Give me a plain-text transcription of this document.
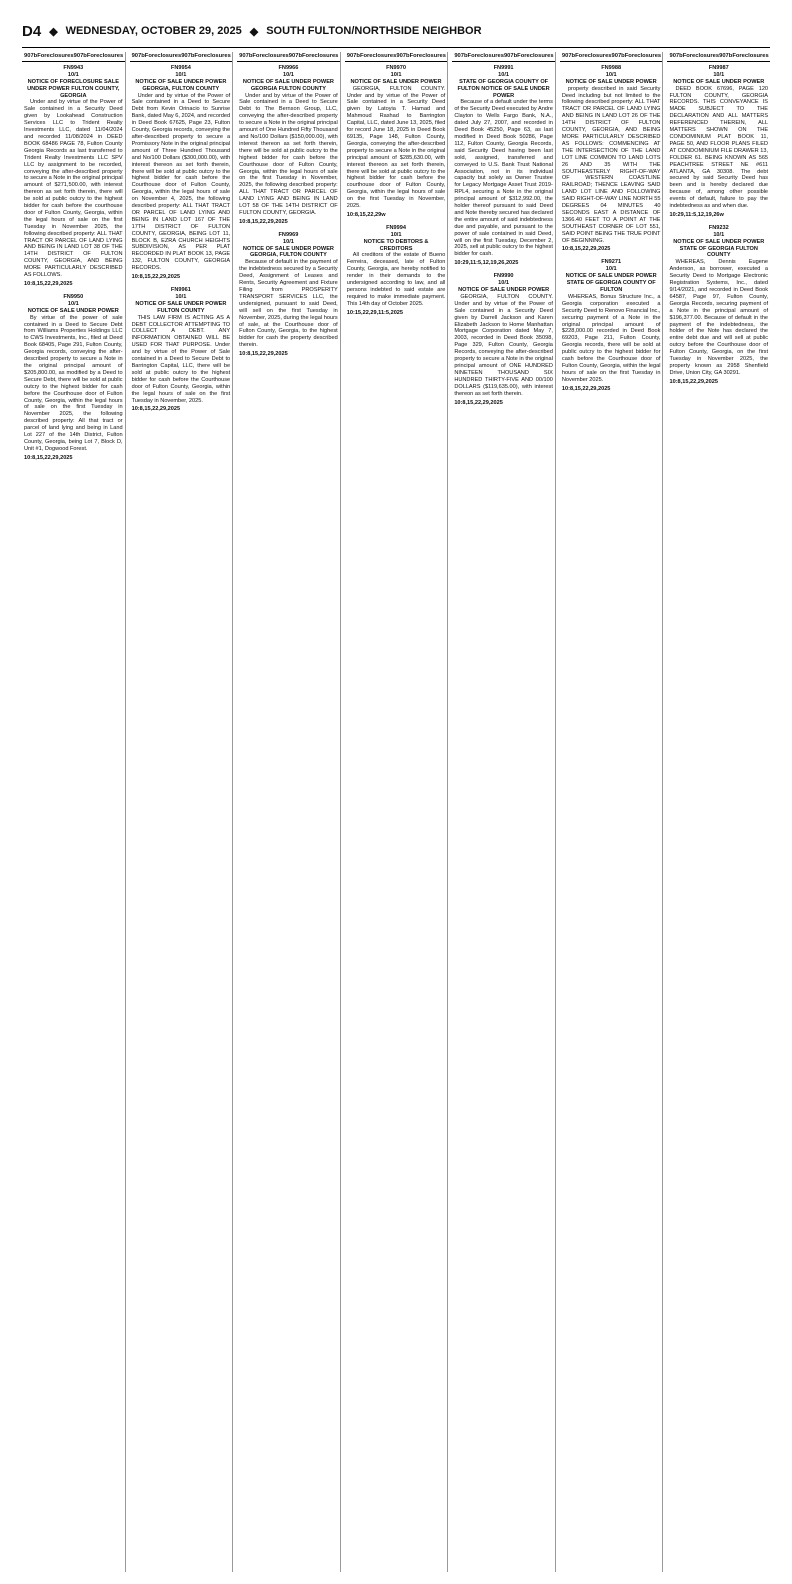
D4 ◆ WEDNESDAY, OCTOBER 29, 2025 ◆ SOUTH FULTON/NORTHSIDE NEIGHBOR
907b Foreclosures 907b Foreclosures
FN9943
10/1
NOTICE OF FORECLOSURE SALE UNDER POWER FULTON COUNTY, GEORGIA

Under and by virtue of the Power of Sale contained in a Security Deed given by Lookahead Construction Services LLC to Trident Realty Investments LLC, dated 11/04/2024 and recorded 11/08/2024 in DEED BOOK 68486 PAGE 78, Fulton County Georgia Records as last transferred to Trident Realty Investments LLC SPV LLC by assignment to be recorded, conveying the after-described property to secure a Note in the original principal amount of $271,500.00, with interest thereon as set forth therein, there will be sold at public outcry to the highest bidder for cash before the courthouse door of Fulton County, Georgia, within the legal hours of sale on the first Tuesday in November 2025, the following described property: ALL THAT TRACT OR PARCEL OF LAND LYING AND BEING IN LAND LOT 38 OF THE 14TH DISTRICT OF FULTON COUNTY, GEORGIA, AND BEING MORE PARTICULARLY DESCRIBED AS FOLLOWS.

10:8,15,22,29,2025
FN9950
10/1
NOTICE OF SALE UNDER POWER

By virtue of the power of sale contained in a Deed to Secure Debt from Williams Properties Holdings LLC to CWS Investments, Inc., filed at Deed Book 68405, Page 291, Fulton County, Georgia records, conveying the after-described property to secure a Note in the original principal amount of $205,800.00, as modified by a Deed to Secure Debt, there will be sold at public outcry to the highest bidder for cash before the Courthouse door of Fulton County, Georgia, within the legal hours of sale on the first Tuesday in November 2025, the following described property: All that tract or parcel of land lying and being in Land Lot 227 of the 14th District, Fulton County, Georgia, being Lot 7, Block D, Unit #1, Dogwood Forest.

10:8,15,22,29,2025
907b Foreclosures 907b Foreclosures
FN9954
10/1
NOTICE OF SALE UNDER POWER GEORGIA, FULTON COUNTY

Under and by virtue of the Power of Sale contained in a Deed to Secure Debt from Kevin Orinacio to Sunrise Bank, dated May 6, 2024, and recorded in Deed Book 67625, Page 23, Fulton County, Georgia records, conveying the after-described property to secure a Promissory Note in the original principal amount of Three Hundred Thousand and No/100 Dollars ($300,000.00), with interest thereon as set forth therein, there will be sold at public outcry to the highest bidder for cash before the Courthouse door of Fulton County, Georgia, within the legal hours of sale on November 4, 2025, the following described property: ALL THAT TRACT OR PARCEL OF LAND LYING AND BEING IN LAND LOT 167 OF THE 17TH DISTRICT OF FULTON COUNTY, GEORGIA, BEING LOT 11, BLOCK B, EZRA CHURCH HEIGHTS SUBDIVISION, AS PER PLAT RECORDED IN PLAT BOOK 13, PAGE 132, FULTON COUNTY, GEORGIA RECORDS.

10:8,15,22,29,2025
FN9961
10/1
NOTICE OF SALE UNDER POWER FULTON COUNTY

THIS LAW FIRM IS ACTING AS A DEBT COLLECTOR ATTEMPTING TO COLLECT A DEBT. ANY INFORMATION OBTAINED WILL BE USED FOR THAT PURPOSE. Under and by virtue of the Power of Sale contained in a Deed to Secure Debt to Barrington Capital, LLC, there will be sold at public outcry to the highest bidder for cash before the Courthouse door of Fulton County, Georgia, within the legal hours of sale on the first Tuesday in November, 2025.

10:8,15,22,29,2025
907b Foreclosures 907b Foreclosures
FN9966
10/1
NOTICE OF SALE UNDER POWER GEORGIA FULTON COUNTY

Under and by virtue of the Power of Sale contained in a Deed to Secure Debt to The Bernson Group, LLC, conveying the after-described property to secure a Note in the original principal amount of One Hundred Fifty Thousand and No/100 Dollars ($150,000.00), with interest thereon as set forth therein, there will be sold at public outcry to the highest bidder for cash before the Courthouse door of Fulton County, Georgia, within the legal hours of sale on the first Tuesday in November, 2025, the following described property: ALL THAT TRACT OR PARCEL OF LAND LYING AND BEING IN LAND LOT 58 OF THE 14TH DISTRICT OF FULTON COUNTY, GEORGIA.

10:8,15,22,29,2025
FN9969
10/1
NOTICE OF SALE UNDER POWER GEORGIA, FULTON COUNTY

Because of default in the payment of the indebtedness secured by a Security Deed, Assignment of Leases and Rents, Security Agreement and Fixture Filing from PROSPERITY TRANSPORT SERVICES LLC, the undersigned, pursuant to said Deed, will sell on the first Tuesday in November, 2025, during the legal hours of sale, at the Courthouse door of Fulton County, Georgia, to the highest bidder for cash the property described therein.

10:8,15,22,29,2025
907b Foreclosures 907b Foreclosures
FN9970
10/1
NOTICE OF SALE UNDER POWER

GEORGIA, FULTON COUNTY. Under and by virtue of the Power of Sale contained in a Security Deed given by Latoyia T. Hamad and Mahmoud Rashad to Barrington Capital, LLC, dated June 13, 2025, filed for record June 18, 2025 in Deed Book 69135, Page 148, Fulton County, Georgia, conveying the after-described property to secure a Note in the original principal amount of $285,630.00, with interest thereon as set forth therein, there will be sold at public outcry to the highest bidder for cash before the courthouse door of Fulton County, Georgia, within the legal hours of sale on the first Tuesday in November, 2025.

10:8,15,22,29w
FN9994
10/1
NOTICE TO DEBTORS & CREDITORS

All creditors of the estate of Bueno Ferreira, deceased, late of Fulton County, Georgia, are hereby notified to render in their demands to the undersigned according to law, and all persons indebted to said estate are required to make immediate payment. This 14th day of October 2025.

10:15,22,29,11:5,2025
907b Foreclosures 907b Foreclosures
FN9991
10/1
STATE OF GEORGIA COUNTY OF FULTON NOTICE OF SALE UNDER POWER

Because of a default under the terms of the Security Deed executed by Andre Clayton to Wells Fargo Bank, N.A., dated July 27, 2007, and recorded in Deed Book 45250, Page 63, as last modified in Deed Book 50286, Page 112, Fulton County, Georgia Records, said Security Deed having been last sold, assigned, transferred and conveyed to U.S. Bank Trust National Association, not in its individual capacity but solely as Owner Trustee for Legacy Mortgage Asset Trust 2019-RPL4, securing a Note in the original principal amount of $312,992.00, the holder thereof pursuant to said Deed and Note thereby secured has declared the entire amount of said indebtedness due and payable, and pursuant to the power of sale contained in said Deed, will on the first Tuesday, December 2, 2025, sell at public outcry to the highest bidder for cash.

10:29,11:5,12,19,26,2025
FN9990
10/1
NOTICE OF SALE UNDER POWER

GEORGIA, FULTON COUNTY. Under and by virtue of the Power of Sale contained in a Security Deed given by Darrell Jackson and Karen Elizabeth Jackson to Home Manhattan Mortgage Corporation dated May 7, 2003, recorded in Deed Book 35098, Page 329, Fulton County, Georgia Records, conveying the after-described property to secure a Note in the original principal amount of ONE HUNDRED NINETEEN THOUSAND SIX HUNDRED THIRTY-FIVE AND 00/100 DOLLARS ($119,635.00), with interest thereon as set forth therein.

10:8,15,22,29,2025
907b Foreclosures 907b Foreclosures
FN9988
10/1
NOTICE OF SALE UNDER POWER

property described in said Security Deed including but not limited to the following described property: ALL THAT TRACT OR PARCEL OF LAND LYING AND BEING IN LAND LOT 26 OF THE 14TH DISTRICT OF FULTON COUNTY, GEORGIA, AND BEING MORE PARTICULARLY DESCRIBED AS FOLLOWS: COMMENCING AT THE INTERSECTION OF THE LAND LOT LINE COMMON TO LAND LOTS 26 AND 35 WITH THE SOUTHEASTERLY RIGHT-OF-WAY OF WESTERN COASTLINE RAILROAD; THENCE LEAVING SAID LAND LOT LINE AND FOLLOWING SAID RIGHT-OF-WAY LINE NORTH 55 DEGREES 04 MINUTES 40 SECONDS EAST A DISTANCE OF 1366.40 FEET TO A POINT AT THE SOUTHEAST CORNER OF LOT 551, SAID POINT BEING THE TRUE POINT OF BEGINNING.

10:8,15,22,29,2025
FN9271
10/1
NOTICE OF SALE UNDER POWER STATE OF GEORGIA COUNTY OF FULTON

WHEREAS, Bonus Structure Inc., a Georgia corporation executed a Security Deed to Renovo Financial Inc., securing payment of a Note in the original principal amount of $228,000.00 recorded in Deed Book 69203, Page 211, Fulton County, Georgia records, there will be sold at public outcry to the highest bidder for cash before the Courthouse door of Fulton County, Georgia, within the legal hours of sale on the first Tuesday in November 2025.

10:8,15,22,29,2025
907b Foreclosures 907b Foreclosures
FN9987
10/1
NOTICE OF SALE UNDER POWER

DEED BOOK 67696, PAGE 120 FULTON COUNTY, GEORGIA RECORDS. THIS CONVEYANCE IS MADE SUBJECT TO THE DECLARATION AND ALL MATTERS REFERENCED THEREIN, ALL MATTERS SHOWN ON THE CONDOMINIUM PLAT BOOK 11, PAGE 50, AND FLOOR PLANS FILED AT CONDOMINIUM FILE DRAWER 13, FOLDER 61. BEING KNOWN AS 565 PEACHTREE STREET NE #611 ATLANTA, GA 30308. The debt secured by said Security Deed has been and is hereby declared due because of, among other possible events of default, failure to pay the indebtedness as and when due.

10:29,11:5,12,19,26w
FN9232
10/1
NOTICE OF SALE UNDER POWER STATE OF GEORGIA FULTON COUNTY

WHEREAS, Dennis Eugene Anderson, as borrower, executed a Security Deed to Mortgage Electronic Registration Systems, Inc., dated 9/14/2021, and recorded in Deed Book 64587, Page 97, Fulton County, Georgia Records, securing payment of a Note in the principal amount of $196,377.00. Because of default in the payment of the indebtedness, the holder of the Note has declared the entire debt due and will sell at public outcry before the Courthouse door of Fulton County, Georgia, on the first Tuesday in November 2025, the property known as 2958 Shenfield Drive, Union City, GA 30291.

10:8,15,22,29,2025
